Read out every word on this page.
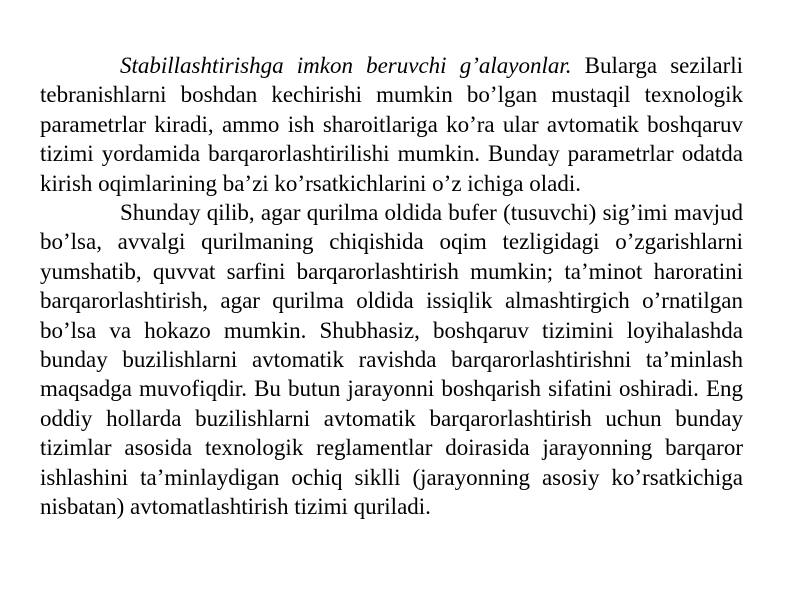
Stabillashtirishga imkon beruvchi g’alayonlar. Bularga sezilarli tebranishlarni boshdan kechirishi mumkin bo’lgan mustaqil texnologik parametrlar kiradi, ammo ish sharoitlariga ko’ra ular avtomatik boshqaruv tizimi yordamida barqarorlashtirilishi mumkin. Bunday parametrlar odatda kirish oqimlarining ba’zi ko’rsatkichlarini o’z ichiga oladi.

Shunday qilib, agar qurilma oldida bufer (tusuvchi) sig’imi mavjud bo’lsa, avvalgi qurilmaning chiqishida oqim tezligidagi o’zgarishlarni yumshatib, quvvat sarfini barqarorlashtirish mumkin; ta’minot haroratini barqarorlashtirish, agar qurilma oldida issiqlik almashtirgich o’rnatilgan bo’lsa va hokazo mumkin. Shubhasiz, boshqaruv tizimini loyihalashda bunday buzilishlarni avtomatik ravishda barqarorlashtirishni ta’minlash maqsadga muvofiqdir. Bu butun jarayonni boshqarish sifatini oshiradi. Eng oddiy hollarda buzilishlarni avtomatik barqarorlashtirish uchun bunday tizimlar asosida texnologik reglamentlar doirasida jarayonning barqaror ishlashini ta’minlaydigan ochiq siklli (jarayonning asosiy ko’rsatkichiga nisbatan) avtomatlashtirish tizimi quriladi.
